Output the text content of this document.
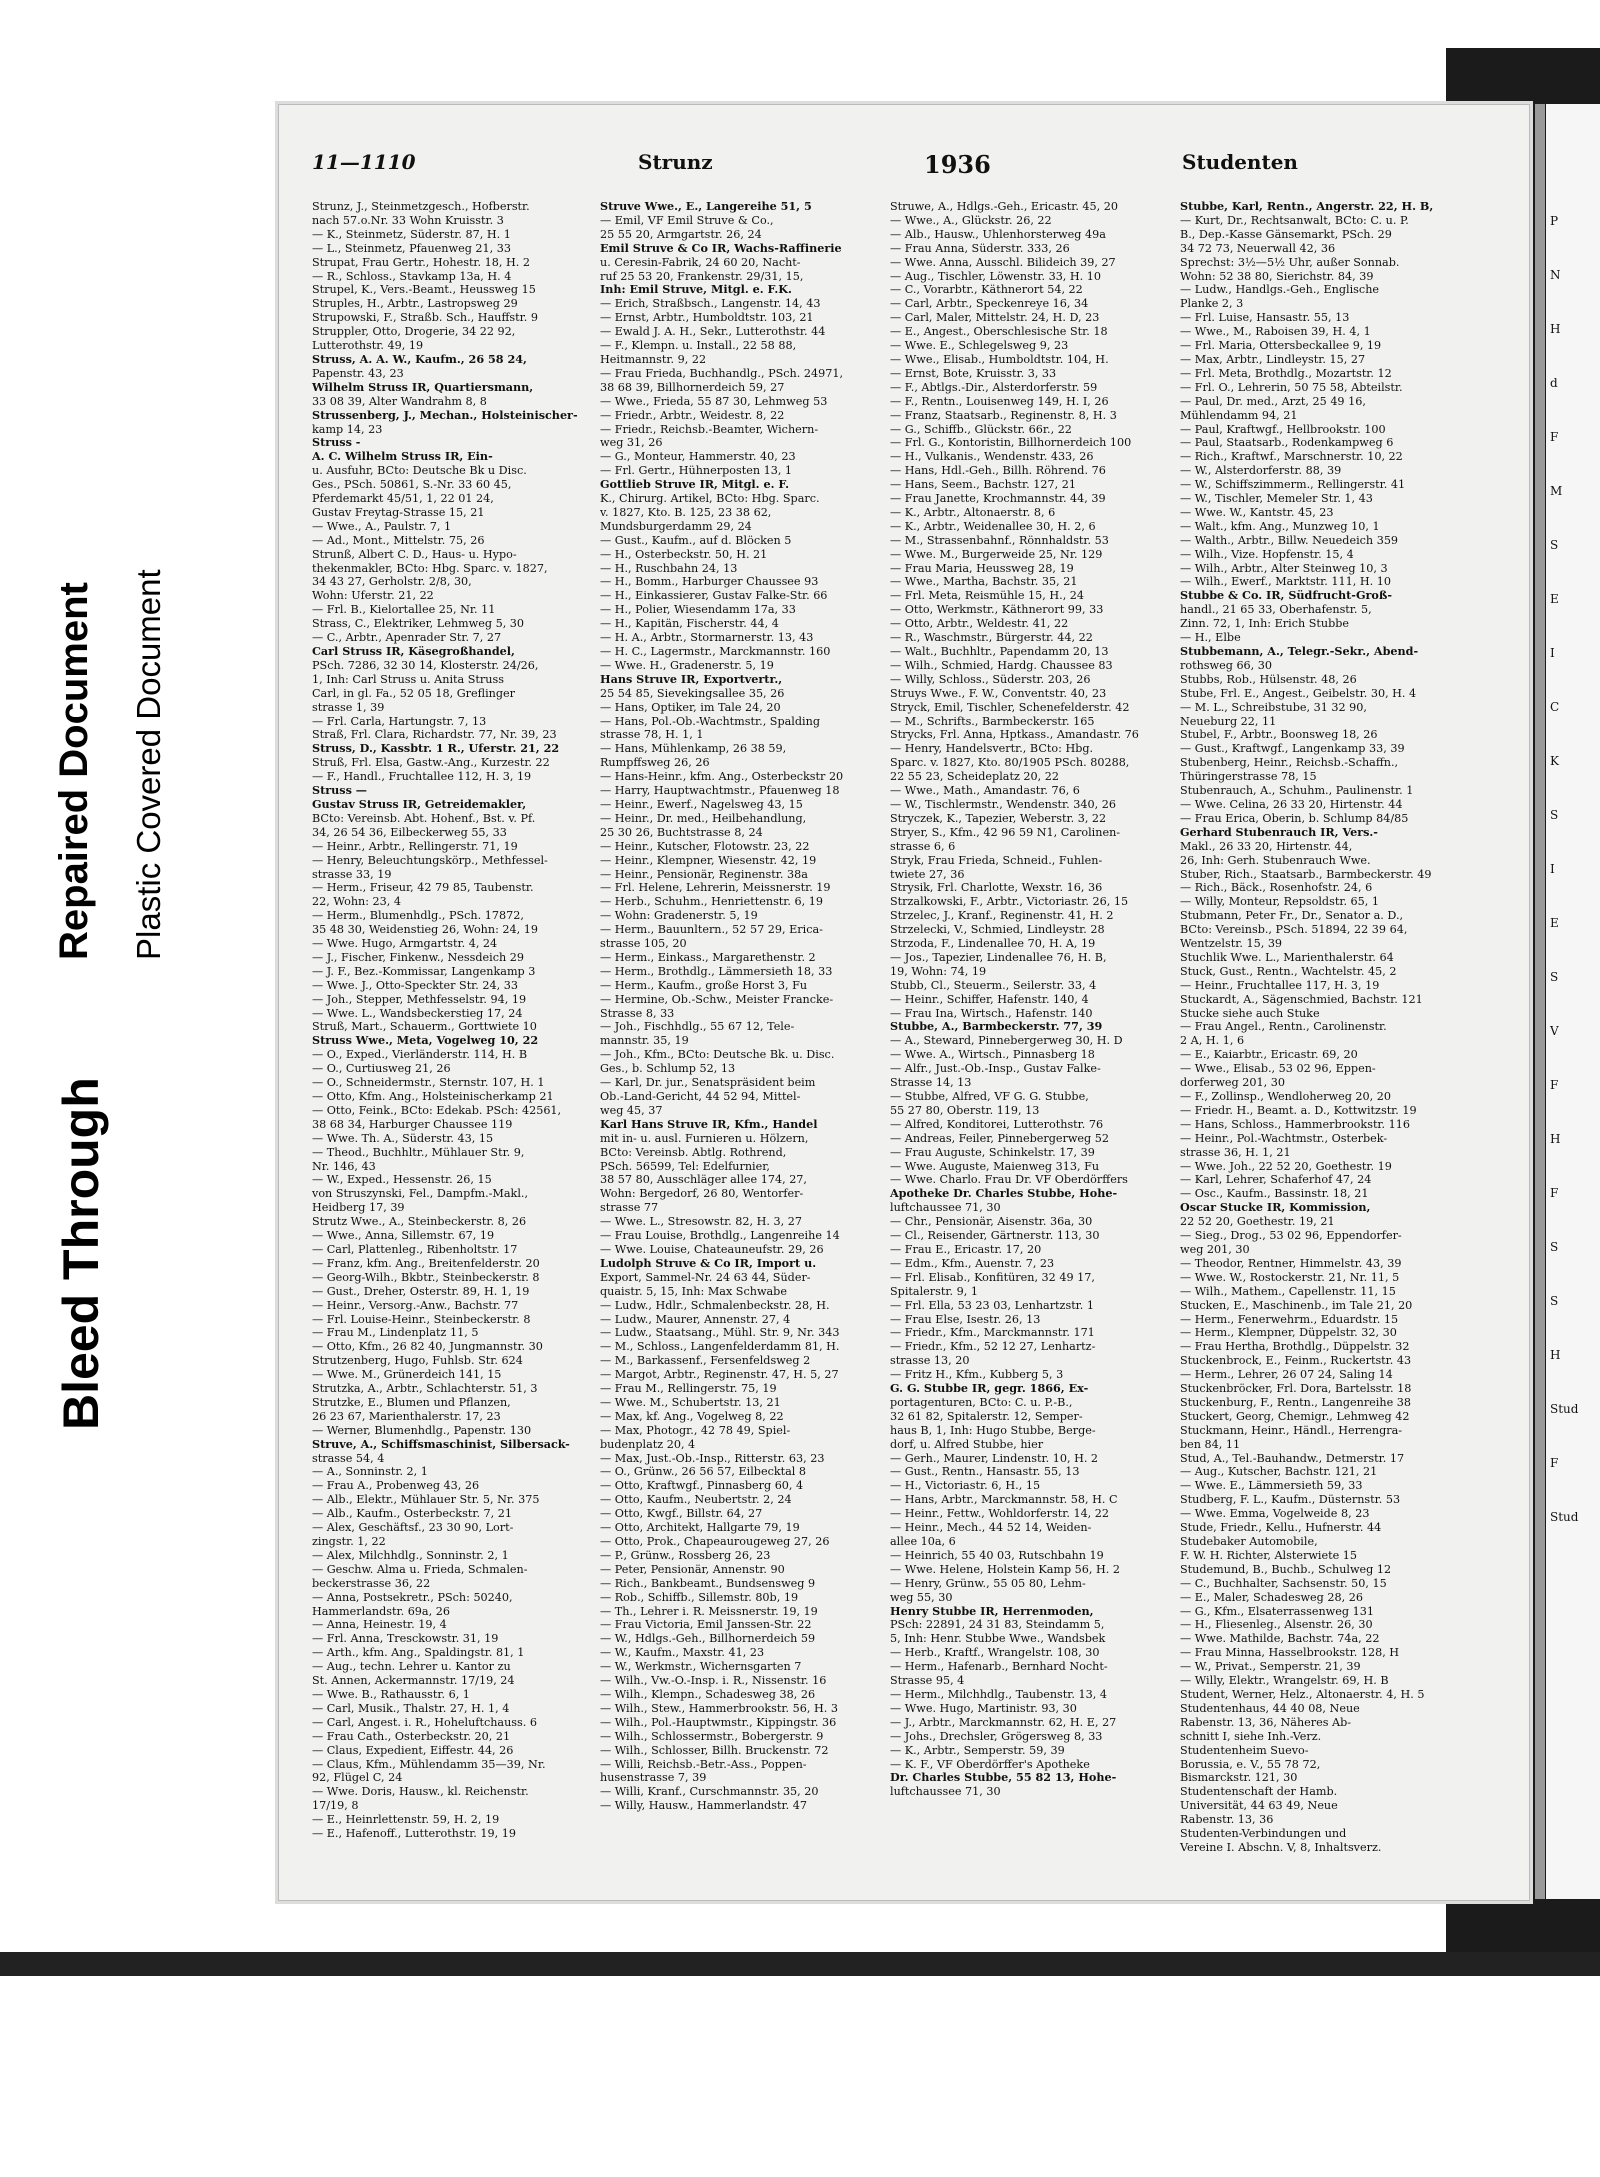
Bleed Through
Repaired Document Plastic Covered Document
P
N
H
d
F
M
S
E
I
C
K
S
I
E
S
V
F
H
F
S
S
H
Stud
F
Stud
11—1110	Strunz	1936	Studenten
Strunz, J., Steinmetzgesch., Hofberstr.
nach 57.o.Nr. 33 Wohn Kruisstr. 3
— K., Steinmetz, Süderstr. 87, H. 1
— L., Steinmetz, Pfauenweg 21, 33
Strupat, Frau Gertr., Hohestr. 18, H. 2
— R., Schloss., Stavkamp 13a, H. 4
Strupel, K., Vers.-Beamt., Heussweg 15
Struples, H., Arbtr., Lastropsweg 29
Strupowski, F., Straßb. Sch., Hauffstr. 9
Struppler, Otto, Drogerie, 34 22 92,
Lutterothstr. 49, 19
Struss, A. A. W., Kaufm., 26 58 24,
Papenstr. 43, 23
Wilhelm Struss IR, Quartiersmann,
33 08 39, Alter Wandrahm 8, 8
Strussenberg, J., Mechan., Holsteinischer-
kamp 14, 23
Struss -
A. C. Wilhelm Struss IR, Ein-
u. Ausfuhr, BCto: Deutsche Bk u Disc.
Ges., PSch. 50861, S.-Nr. 33 60 45,
Pferdemarkt 45/51, 1, 22 01 24,
Gustav Freytag-Strasse 15, 21
— Wwe., A., Paulstr. 7, 1
— Ad., Mont., Mittelstr. 75, 26
Strunß, Albert C. D., Haus- u. Hypo-
thekenmakler, BCto: Hbg. Sparc. v. 1827,
34 43 27, Gerholstr. 2/8, 30,
Wohn: Uferstr. 21, 22
— Frl. B., Kielortallee 25, Nr. 11
Strass, C., Elektriker, Lehmweg 5, 30
— C., Arbtr., Apenrader Str. 7, 27
Carl Struss IR, Käsegroßhandel,
PSch. 7286, 32 30 14, Klosterstr. 24/26,
1, Inh: Carl Struss u. Anita Struss
Carl, in gl. Fa., 52 05 18, Greflinger
strasse 1, 39
— Frl. Carla, Hartungstr. 7, 13
Straß, Frl. Clara, Richardstr. 77, Nr. 39, 23
Struss, D., Kassbtr. 1 R., Uferstr. 21, 22
Struß, Frl. Elsa, Gastw.-Ang., Kurzestr. 22
— F., Handl., Fruchtallee 112, H. 3, 19
Struss —
Gustav Struss IR, Getreidemakler,
BCto: Vereinsb. Abt. Hohenf., Bst. v. Pf.
34, 26 54 36, Eilbeckerweg 55, 33
— Heinr., Arbtr., Rellingerstr. 71, 19
— Henry, Beleuchtungskörp., Methfessel-
strasse 33, 19
— Herm., Friseur, 42 79 85, Taubenstr.
22, Wohn: 23, 4
— Herm., Blumenhdlg., PSch. 17872,
35 48 30, Weidenstieg 26, Wohn: 24, 19
— Wwe. Hugo, Armgartstr. 4, 24
— J., Fischer, Finkenw., Nessdeich 29
— J. F., Bez.-Kommissar, Langenkamp 3
— Wwe. J., Otto-Speckter Str. 24, 33
— Joh., Stepper, Methfesselstr. 94, 19
— Wwe. L., Wandsbeckerstieg 17, 24
Struß, Mart., Schauerm., Gorttwiete 10
Struss Wwe., Meta, Vogelweg 10, 22
— O., Exped., Vierländerstr. 114, H. B
— O., Curtiusweg 21, 26
— O., Schneidermstr., Sternstr. 107, H. 1
— Otto, Kfm. Ang., Holsteinischerkamp 21
— Otto, Feink., BCto: Edekab. PSch: 42561,
38 68 34, Harburger Chaussee 119
— Wwe. Th. A., Süderstr. 43, 15
— Theod., Buchhltr., Mühlauer Str. 9,
Nr. 146, 43
— W., Exped., Hessenstr. 26, 15
von Struszynski, Fel., Dampfm.-Makl.,
Heidberg 17, 39
Strutz Wwe., A., Steinbeckerstr. 8, 26
— Wwe., Anna, Sillemstr. 67, 19
— Carl, Plattenleg., Ribenholtstr. 17
— Franz, kfm. Ang., Breitenfelderstr. 20
— Georg-Wilh., Bkbtr., Steinbeckerstr. 8
— Gust., Dreher, Osterstr. 89, H. 1, 19
— Heinr., Versorg.-Anw., Bachstr. 77
— Frl. Louise-Heinr., Steinbeckerstr. 8
— Frau M., Lindenplatz 11, 5
— Otto, Kfm., 26 82 40, Jungmannstr. 30
Strutzenberg, Hugo, Fuhlsb. Str. 624
— Wwe. M., Grünerdeich 141, 15
Strutzka, A., Arbtr., Schlachterstr. 51, 3
Strutzke, E., Blumen und Pflanzen,
26 23 67, Marienthalerstr. 17, 23
— Werner, Blumenhdlg., Papenstr. 130
Struve, A., Schiffsmaschinist, Silbersack-
strasse 54, 4
— A., Sonninstr. 2, 1
— Frau A., Probenweg 43, 26
— Alb., Elektr., Mühlauer Str. 5, Nr. 375
— Alb., Kaufm., Osterbeckstr. 7, 21
— Alex, Geschäftsf., 23 30 90, Lort-
zingstr. 1, 22
— Alex, Milchhdlg., Sonninstr. 2, 1
— Geschw. Alma u. Frieda, Schmalen-
beckerstrasse 36, 22
— Anna, Postsekretr., PSch: 50240,
Hammerlandstr. 69a, 26
— Anna, Heinestr. 19, 4
— Frl. Anna, Tresckowstr. 31, 19
— Arth., kfm. Ang., Spaldingstr. 81, 1
— Aug., techn. Lehrer u. Kantor zu
St. Annen, Ackermannstr. 17/19, 24
— Wwe. B., Rathausstr. 6, 1
— Carl, Musik., Thalstr. 27, H. 1, 4
— Carl, Angest. i. R., Hoheluftchauss. 6
— Frau Cath., Osterbeckstr. 20, 21
— Claus, Expedient, Eiffestr. 44, 26
— Claus, Kfm., Mühlendamm 35—39, Nr.
92, Flügel C, 24
— Wwe. Doris, Hausw., kl. Reichenstr.
17/19, 8
— E., Heinrlettenstr. 59, H. 2, 19
— E., Hafenoff., Lutterothstr. 19, 19
Struve Wwe., E., Langereihe 51, 5
— Emil, VF Emil Struve & Co.,
25 55 20, Armgartstr. 26, 24
Emil Struve & Co IR, Wachs-Raffinerie
u. Ceresin-Fabrik, 24 60 20, Nacht-
ruf 25 53 20, Frankenstr. 29/31, 15,
Inh: Emil Struve, Mitgl. e. F.K.
— Erich, Straßbsch., Langenstr. 14, 43
— Ernst, Arbtr., Humboldtstr. 103, 21
— Ewald J. A. H., Sekr., Lutterothstr. 44
— F., Klempn. u. Install., 22 58 88,
Heitmannstr. 9, 22
— Frau Frieda, Buchhandlg., PSch. 24971,
38 68 39, Billhornerdeich 59, 27
— Wwe., Frieda, 55 87 30, Lehmweg 53
— Friedr., Arbtr., Weidestr. 8, 22
— Friedr., Reichsb.-Beamter, Wichern-
weg 31, 26
— G., Monteur, Hammerstr. 40, 23
— Frl. Gertr., Hühnerposten 13, 1
Gottlieb Struve IR, Mitgl. e. F.
K., Chirurg. Artikel, BCto: Hbg. Sparc.
v. 1827, Kto. B. 125, 23 38 62,
Mundsburgerdamm 29, 24
— Gust., Kaufm., auf d. Blöcken 5
— H., Osterbeckstr. 50, H. 21
— H., Ruschbahn 24, 13
— H., Bomm., Harburger Chaussee 93
— H., Einkassierer, Gustav Falke-Str. 66
— H., Polier, Wiesendamm 17a, 33
— H., Kapitän, Fischerstr. 44, 4
— H. A., Arbtr., Stormarnerstr. 13, 43
— H. C., Lagermstr., Marckmannstr. 160
— Wwe. H., Gradenerstr. 5, 19
Hans Struve IR, Exportvertr.,
25 54 85, Sievekingsallee 35, 26
— Hans, Optiker, im Tale 24, 20
— Hans, Pol.-Ob.-Wachtmstr., Spalding
strasse 78, H. 1, 1
— Hans, Mühlenkamp, 26 38 59,
Rumpffsweg 26, 26
— Hans-Heinr., kfm. Ang., Osterbeckstr 20
— Harry, Hauptwachtmstr., Pfauenweg 18
— Heinr., Ewerf., Nagelsweg 43, 15
— Heinr., Dr. med., Heilbehandlung,
25 30 26, Buchtstrasse 8, 24
— Heinr., Kutscher, Flotowstr. 23, 22
— Heinr., Klempner, Wiesenstr. 42, 19
— Heinr., Pensionär, Reginenstr. 38a
— Frl. Helene, Lehrerin, Meissnerstr. 19
— Herb., Schuhm., Henriettenstr. 6, 19
— Wohn: Gradenerstr. 5, 19
— Herm., Bauunltern., 52 57 29, Erica-
strasse 105, 20
— Herm., Einkass., Margarethenstr. 2
— Herm., Brothdlg., Lämmersieth 18, 33
— Herm., Kaufm., große Horst 3, Fu
— Hermine, Ob.-Schw., Meister Francke-
Strasse 8, 33
— Joh., Fischhdlg., 55 67 12, Tele-
mannstr. 35, 19
— Joh., Kfm., BCto: Deutsche Bk. u. Disc.
Ges., b. Schlump 52, 13
— Karl, Dr. jur., Senatspräsident beim
Ob.-Land-Gericht, 44 52 94, Mittel-
weg 45, 37
Karl Hans Struve IR, Kfm., Handel
mit in- u. ausl. Furnieren u. Hölzern,
BCto: Vereinsb. Abtlg. Rothrend,
PSch. 56599, Tel: Edelfurnier,
38 57 80, Ausschläger allee 174, 27,
Wohn: Bergedorf, 26 80, Wentorfer-
strasse 77
— Wwe. L., Stresowstr. 82, H. 3, 27
— Frau Louise, Brothdlg., Langenreihe 14
— Wwe. Louise, Chateauneufstr. 29, 26
Ludolph Struve & Co IR, Import u.
Export, Sammel-Nr. 24 63 44, Süder-
quaistr. 5, 15, Inh: Max Schwabe
— Ludw., Hdlr., Schmalenbeckstr. 28, H.
— Ludw., Maurer, Annenstr. 27, 4
— Ludw., Staatsang., Mühl. Str. 9, Nr. 343
— M., Schloss., Langenfelderdamm 81, H.
— M., Barkassenf., Fersenfeldsweg 2
— Margot, Arbtr., Reginenstr. 47, H. 5, 27
— Frau M., Rellingerstr. 75, 19
— Wwe. M., Schubertstr. 13, 21
— Max, kf. Ang., Vogelweg 8, 22
— Max, Photogr., 42 78 49, Spiel-
budenplatz 20, 4
— Max, Just.-Ob.-Insp., Ritterstr. 63, 23
— O., Grünw., 26 56 57, Eilbecktal 8
— Otto, Kraftwgf., Pinnasberg 60, 4
— Otto, Kaufm., Neubertstr. 2, 24
— Otto, Kwgf., Billstr. 64, 27
— Otto, Architekt, Hallgarte 79, 19
— Otto, Prok., Chapeaurougeweg 27, 26
— P., Grünw., Rossberg 26, 23
— Peter, Pensionär, Annenstr. 90
— Rich., Bankbeamt., Bundsensweg 9
— Rob., Schiffb., Sillemstr. 80b, 19
— Th., Lehrer i. R. Meissnerstr. 19, 19
— Frau Victoria, Emil Janssen-Str. 22
— W., Hdlgs.-Geh., Billhornerdeich 59
— W., Kaufm., Maxstr. 41, 23
— W., Werkmstr., Wichernsgarten 7
— Wilh., Vw.-O.-Insp. i. R., Nissenstr. 16
— Wilh., Klempn., Schadesweg 38, 26
— Wilh., Stew., Hammerbrookstr. 56, H. 3
— Wilh., Pol.-Hauptwmstr., Kippingstr. 36
— Wilh., Schlossermstr., Bobergerstr. 9
— Wilh., Schlosser, Billh. Bruckenstr. 72
— Willi, Reichsb.-Betr.-Ass., Poppen-
husenstrasse 7, 39
— Willi, Kranf., Curschmannstr. 35, 20
— Willy, Hausw., Hammerlandstr. 47
Struwe, A., Hdlgs.-Geh., Ericastr. 45, 20
— Wwe., A., Glückstr. 26, 22
— Alb., Hausw., Uhlenhorsterweg 49a
— Frau Anna, Süderstr. 333, 26
— Wwe. Anna, Ausschl. Bilideich 39, 27
— Aug., Tischler, Löwenstr. 33, H. 10
— C., Vorarbtr., Käthnerort 54, 22
— Carl, Arbtr., Speckenreye 16, 34
— Carl, Maler, Mittelstr. 24, H. D, 23
— E., Angest., Oberschlesische Str. 18
— Wwe. E., Schlegelsweg 9, 23
— Wwe., Elisab., Humboldtstr. 104, H.
— Ernst, Bote, Kruisstr. 3, 33
— F., Abtlgs.-Dir., Alsterdorferstr. 59
— F., Rentn., Louisenweg 149, H. I, 26
— Franz, Staatsarb., Reginenstr. 8, H. 3
— G., Schiffb., Glückstr. 66r., 22
— Frl. G., Kontoristin, Billhornerdeich 100
— H., Vulkanis., Wendenstr. 433, 26
— Hans, Hdl.-Geh., Billh. Röhrend. 76
— Hans, Seem., Bachstr. 127, 21
— Frau Janette, Krochmannstr. 44, 39
— K., Arbtr., Altonaerstr. 8, 6
— K., Arbtr., Weidenallee 30, H. 2, 6
— M., Strassenbahnf., Rönnhaldstr. 53
— Wwe. M., Burgerweide 25, Nr. 129
— Frau Maria, Heussweg 28, 19
— Wwe., Martha, Bachstr. 35, 21
— Frl. Meta, Reismühle 15, H., 24
— Otto, Werkmstr., Käthnerort 99, 33
— Otto, Arbtr., Weldestr. 41, 22
— R., Waschmstr., Bürgerstr. 44, 22
— Walt., Buchhltr., Papendamm 20, 13
— Wilh., Schmied, Hardg. Chaussee 83
— Willy, Schloss., Süderstr. 203, 26
Struys Wwe., F. W., Conventstr. 40, 23
Stryck, Emil, Tischler, Schenefelderstr. 42
— M., Schrifts., Barmbeckerstr. 165
Strycks, Frl. Anna, Hptkass., Amandastr. 76
— Henry, Handelsvertr., BCto: Hbg.
Sparc. v. 1827, Kto. 80/1905 PSch. 80288,
22 55 23, Scheideplatz 20, 22
— Wwe., Math., Amandastr. 76, 6
— W., Tischlermstr., Wendenstr. 340, 26
Stryczek, K., Tapezier, Weberstr. 3, 22
Stryer, S., Kfm., 42 96 59 N1, Carolinen-
strasse 6, 6
Stryk, Frau Frieda, Schneid., Fuhlen-
twiete 27, 36
Strysik, Frl. Charlotte, Wexstr. 16, 36
Strzalkowski, F., Arbtr., Victoriastr. 26, 15
Strzelec, J., Kranf., Reginenstr. 41, H. 2
Strzelecki, V., Schmied, Lindleystr. 28
Strzoda, F., Lindenallee 70, H. A, 19
— Jos., Tapezier, Lindenallee 76, H. B,
19, Wohn: 74, 19
Stubb, Cl., Steuerm., Seilerstr. 33, 4
— Heinr., Schiffer, Hafenstr. 140, 4
— Frau Ina, Wirtsch., Hafenstr. 140
Stubbe, A., Barmbeckerstr. 77, 39
— A., Steward, Pinnebergerweg 30, H. D
— Wwe. A., Wirtsch., Pinnasberg 18
— Alfr., Just.-Ob.-Insp., Gustav Falke-
Strasse 14, 13
— Stubbe, Alfred, VF G. G. Stubbe,
55 27 80, Oberstr. 119, 13
— Alfred, Konditorei, Lutterothstr. 76
— Andreas, Feiler, Pinnebergerweg 52
— Frau Auguste, Schinkelstr. 17, 39
— Wwe. Auguste, Maienweg 313, Fu
— Wwe. Charlo. Frau Dr. VF Oberdörffers
Apotheke Dr. Charles Stubbe, Hohe-
luftchaussee 71, 30
— Chr., Pensionär, Aisenstr. 36a, 30
— Cl., Reisender, Gärtnerstr. 113, 30
— Frau E., Ericastr. 17, 20
— Edm., Kfm., Auenstr. 7, 23
— Frl. Elisab., Konfitüren, 32 49 17,
Spitalerstr. 9, 1
— Frl. Ella, 53 23 03, Lenhartzstr. 1
— Frau Else, Isestr. 26, 13
— Friedr., Kfm., Marckmannstr. 171
— Friedr., Kfm., 52 12 27, Lenhartz-
strasse 13, 20
— Fritz H., Kfm., Kubberg 5, 3
G. G. Stubbe IR, gegr. 1866, Ex-
portagenturen, BCto: C. u. P.-B.,
32 61 82, Spitalerstr. 12, Semper-
haus B, 1, Inh: Hugo Stubbe, Berge-
dorf, u. Alfred Stubbe, hier
— Gerh., Maurer, Lindenstr. 10, H. 2
— Gust., Rentn., Hansastr. 55, 13
— H., Victoriastr. 6, H., 15
— Hans, Arbtr., Marckmannstr. 58, H. C
— Heinr., Fettw., Wohldorferstr. 14, 22
— Heinr., Mech., 44 52 14, Weiden-
allee 10a, 6
— Heinrich, 55 40 03, Rutschbahn 19
— Wwe. Helene, Holstein Kamp 56, H. 2
— Henry, Grünw., 55 05 80, Lehm-
weg 55, 30
Henry Stubbe IR, Herrenmoden,
PSch: 22891, 24 31 83, Steindamm 5,
5, Inh: Henr. Stubbe Wwe., Wandsbek
— Herb., Kraftf., Wrangelstr. 108, 30
— Herm., Hafenarb., Bernhard Nocht-
Strasse 95, 4
— Herm., Milchhdlg., Taubenstr. 13, 4
— Wwe. Hugo, Martinistr. 93, 30
— J., Arbtr., Marckmannstr. 62, H. E, 27
— Johs., Drechsler, Grögersweg 8, 33
— K., Arbtr., Semperstr. 59, 39
— K. F., VF Oberdörffer's Apotheke
Dr. Charles Stubbe, 55 82 13, Hohe-
luftchaussee 71, 30
Stubbe, Karl, Rentn., Angerstr. 22, H. B,
— Kurt, Dr., Rechtsanwalt, BCto: C. u. P.
B., Dep.-Kasse Gänsemarkt, PSch. 29
34 72 73, Neuerwall 42, 36
Sprechst: 3½—5½ Uhr, außer Sonnab.
Wohn: 52 38 80, Sierichstr. 84, 39
— Ludw., Handlgs.-Geh., Englische
Planke 2, 3
— Frl. Luise, Hansastr. 55, 13
— Wwe., M., Raboisen 39, H. 4, 1
— Frl. Maria, Ottersbeckallee 9, 19
— Max, Arbtr., Lindleystr. 15, 27
— Frl. Meta, Brothdlg., Mozartstr. 12
— Frl. O., Lehrerin, 50 75 58, Abteilstr.
— Paul, Dr. med., Arzt, 25 49 16,
Mühlendamm 94, 21
— Paul, Kraftwgf., Hellbrookstr. 100
— Paul, Staatsarb., Rodenkampweg 6
— Rich., Kraftwf., Marschnerstr. 10, 22
— W., Alsterdorferstr. 88, 39
— W., Schiffszimmerm., Rellingerstr. 41
— W., Tischler, Memeler Str. 1, 43
— Wwe. W., Kantstr. 45, 23
— Walt., kfm. Ang., Munzweg 10, 1
— Walth., Arbtr., Billw. Neuedeich 359
— Wilh., Vize. Hopfenstr. 15, 4
— Wilh., Arbtr., Alter Steinweg 10, 3
— Wilh., Ewerf., Marktstr. 111, H. 10
Stubbe & Co. IR, Südfrucht-Groß-
handl., 21 65 33, Oberhafenstr. 5,
Zinn. 72, 1, Inh: Erich Stubbe
— H., Elbe
Stubbemann, A., Telegr.-Sekr., Abend-
rothsweg 66, 30
Stubbs, Rob., Hülsenstr. 48, 26
Stube, Frl. E., Angest., Geibelstr. 30, H. 4
— M. L., Schreibstube, 31 32 90,
Neueburg 22, 11
Stubel, F., Arbtr., Boonsweg 18, 26
— Gust., Kraftwgf., Langenkamp 33, 39
Stubenberg, Heinr., Reichsb.-Schaffn.,
Thüringerstrasse 78, 15
Stubenrauch, A., Schuhm., Paulinenstr. 1
— Wwe. Celina, 26 33 20, Hirtenstr. 44
— Frau Erica, Oberin, b. Schlump 84/85
Gerhard Stubenrauch IR, Vers.-
Makl., 26 33 20, Hirtenstr. 44,
26, Inh: Gerh. Stubenrauch Wwe.
Stuber, Rich., Staatsarb., Barmbeckerstr. 49
— Rich., Bäck., Rosenhofstr. 24, 6
— Willy, Monteur, Repsoldstr. 65, 1
Stubmann, Peter Fr., Dr., Senator a. D.,
BCto: Vereinsb., PSch. 51894, 22 39 64,
Wentzelstr. 15, 39
Stuchlik Wwe. L., Marienthalerstr. 64
Stuck, Gust., Rentn., Wachtelstr. 45, 2
— Heinr., Fruchtallee 117, H. 3, 19
Stuckardt, A., Sägenschmied, Bachstr. 121
Stucke siehe auch Stuke
— Frau Angel., Rentn., Carolinenstr.
2 A, H. 1, 6
— E., Kaiarbtr., Ericastr. 69, 20
— Wwe., Elisab., 53 02 96, Eppen-
dorferweg 201, 30
— F., Zollinsp., Wendloherweg 20, 20
— Friedr. H., Beamt. a. D., Kottwitzstr. 19
— Hans, Schloss., Hammerbrookstr. 116
— Heinr., Pol.-Wachtmstr., Osterbek-
strasse 36, H. 1, 21
— Wwe. Joh., 22 52 20, Goethestr. 19
— Karl, Lehrer, Schaferhof 47, 24
— Osc., Kaufm., Bassinstr. 18, 21
Oscar Stucke IR, Kommission,
22 52 20, Goethestr. 19, 21
— Sieg., Drog., 53 02 96, Eppendorfer-
weg 201, 30
— Theodor, Rentner, Himmelstr. 43, 39
— Wwe. W., Rostockerstr. 21, Nr. 11, 5
— Wilh., Mathem., Capellenstr. 11, 15
Stucken, E., Maschinenb., im Tale 21, 20
— Herm., Fenerwehrm., Eduardstr. 15
— Herm., Klempner, Düppelstr. 32, 30
— Frau Hertha, Brothdlg., Düppelstr. 32
Stuckenbrock, E., Feinm., Ruckertstr. 43
— Herm., Lehrer, 26 07 24, Saling 14
Stuckenbröcker, Frl. Dora, Bartelsstr. 18
Stuckenburg, F., Rentn., Langenreihe 38
Stuckert, Georg, Chemigr., Lehmweg 42
Stuckmann, Heinr., Händl., Herrengra-
ben 84, 11
Stud, A., Tel.-Bauhandw., Detmerstr. 17
— Aug., Kutscher, Bachstr. 121, 21
— Wwe. E., Lämmersieth 59, 33
Studberg, F. L., Kaufm., Düsternstr. 53
— Wwe. Emma, Vogelweide 8, 23
Stude, Friedr., Kellu., Hufnerstr. 44
Studebaker Automobile,
F. W. H. Richter, Alsterwiete 15
Studemund, B., Buchb., Schulweg 12
— C., Buchhalter, Sachsenstr. 50, 15
— E., Maler, Schadesweg 28, 26
— G., Kfm., Elsaterrassenweg 131
— H., Fliesenleg., Alsenstr. 26, 30
— Wwe. Mathilde, Bachstr. 74a, 22
— Frau Minna, Hasselbrookstr. 128, H
— W., Privat., Semperstr. 21, 39
— Willy, Elektr., Wrangelstr. 69, H. B
Student, Werner, Helz., Altonaerstr. 4, H. 5
Studentenhaus, 44 40 08, Neue
Rabenstr. 13, 36, Näheres Ab-
schnitt I, siehe Inh.-Verz.
Studentenheim Suevo-
Borussia, e. V., 55 78 72,
Bismarckstr. 121, 30
Studentenschaft der Hamb.
Universität, 44 63 49, Neue
Rabenstr. 13, 36
Studenten-Verbindungen und
Vereine I. Abschn. V, 8, Inhaltsverz.
